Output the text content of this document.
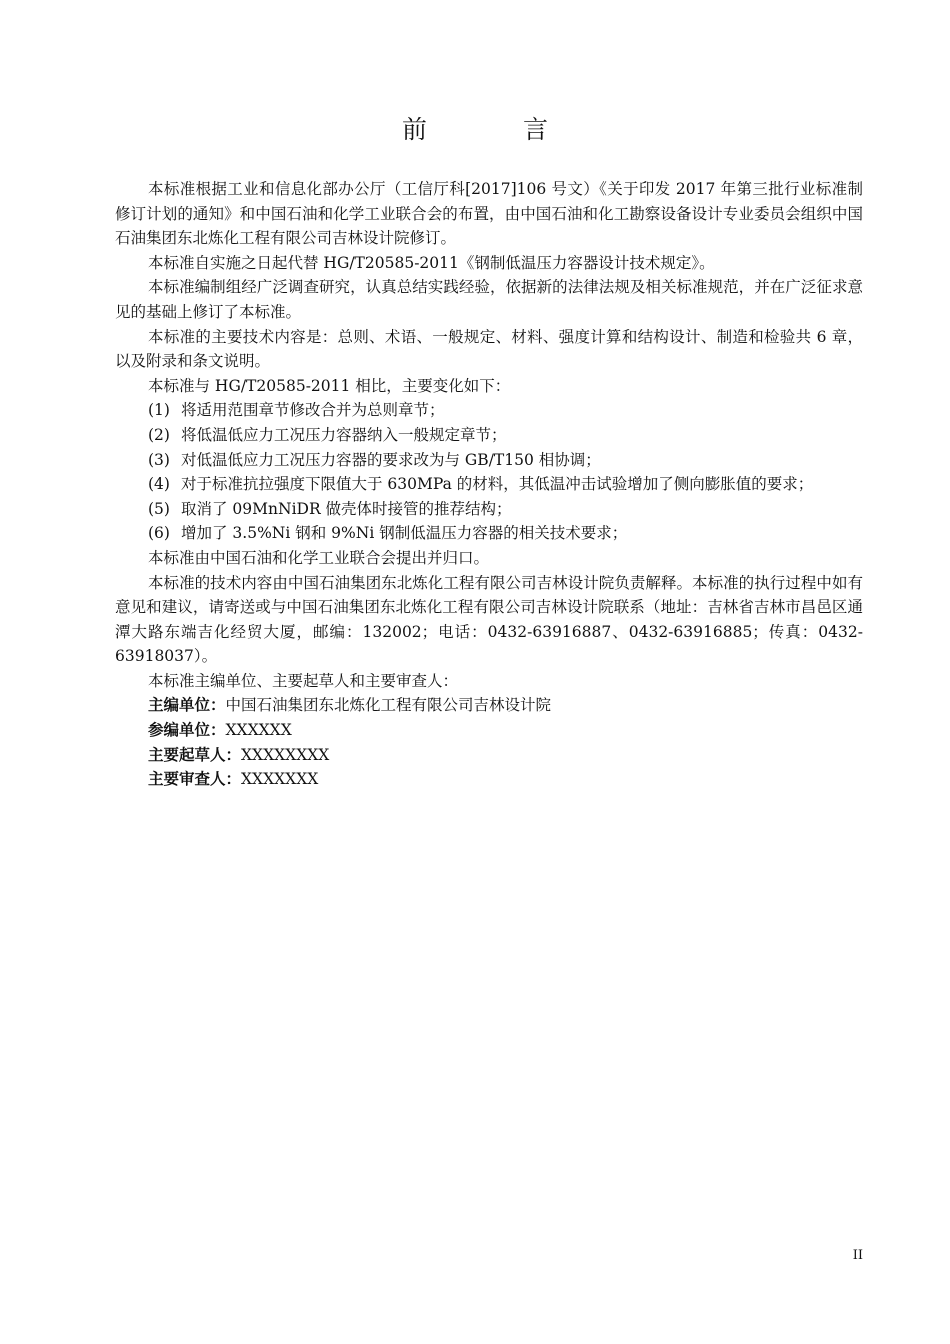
前 言

本标准根据工业和信息化部办公厅（工信厅科[2017]106 号文）《关于印发 2017 年第三批行业标准制修订计划的通知》和中国石油和化学工业联合会的布置，由中国石油和化工勘察设备设计专业委员会组织中国石油集团东北炼化工程有限公司吉林设计院修订。

本标准自实施之日起代替 HG/T20585-2011《钢制低温压力容器设计技术规定》。

本标准编制组经广泛调查研究，认真总结实践经验，依据新的法律法规及相关标准规范，并在广泛征求意见的基础上修订了本标准。

本标准的主要技术内容是：总则、术语、一般规定、材料、强度计算和结构设计、制造和检验共 6 章，以及附录和条文说明。

本标准与 HG/T20585-2011 相比，主要变化如下：

(1) 将适用范围章节修改合并为总则章节；

(2) 将低温低应力工况压力容器纳入一般规定章节；

(3) 对低温低应力工况压力容器的要求改为与 GB/T150 相协调；

(4) 对于标准抗拉强度下限值大于 630MPa 的材料，其低温冲击试验增加了侧向膨胀值的要求；

(5) 取消了 09MnNiDR 做壳体时接管的推荐结构；

(6) 增加了 3.5%Ni 钢和 9%Ni 钢制低温压力容器的相关技术要求；

本标准由中国石油和化学工业联合会提出并归口。

本标准的技术内容由中国石油集团东北炼化工程有限公司吉林设计院负责解释。本标准的执行过程中如有意见和建议，请寄送或与中国石油集团东北炼化工程有限公司吉林设计院联系（地址：吉林省吉林市昌邑区通潭大路东端吉化经贸大厦，邮编：132002；电话：0432-63916887、0432-63916885；传真：0432-63918037）。

本标准主编单位、主要起草人和主要审查人：

主编单位：中国石油集团东北炼化工程有限公司吉林设计院

参编单位：XXXXXX

主要起草人：XXXXXXXX

主要审查人：XXXXXXX

II
